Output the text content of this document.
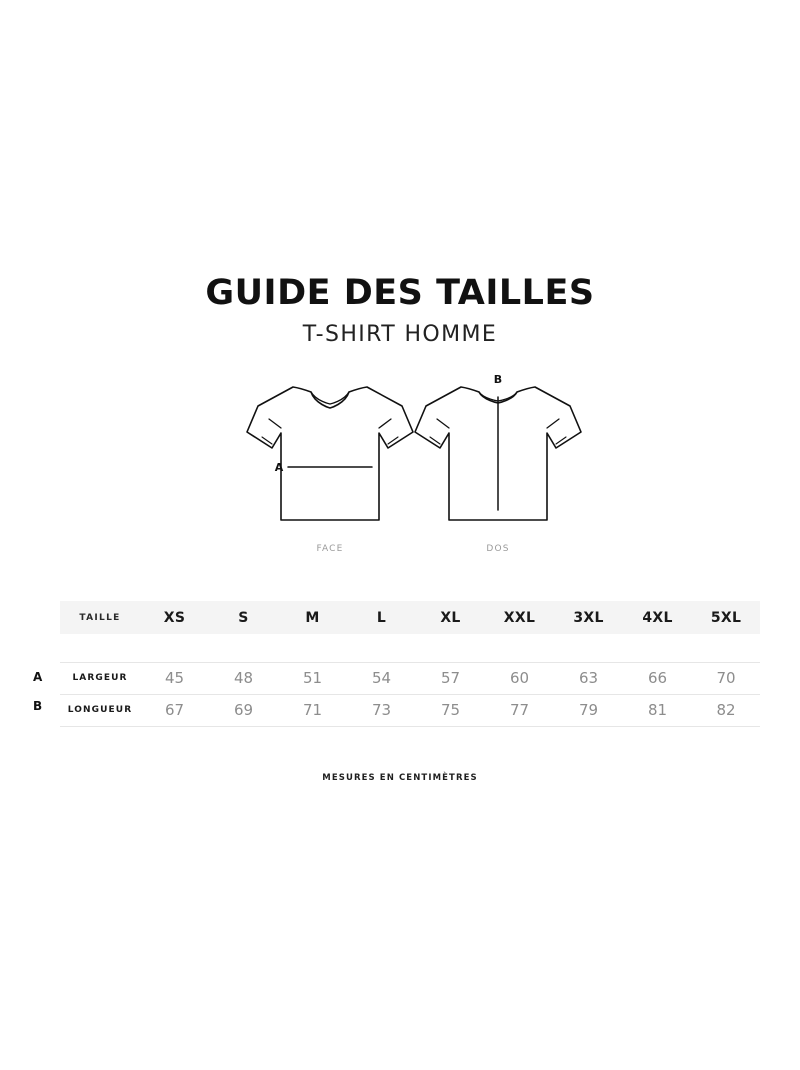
GUIDE DES TAILLES
T-SHIRT HOMME
A
B
FACE	DOS
A
B
TAILLE	XS	S	M	L	XL	XXL	3XL	4XL	5XL

LARGEUR	45	48	51	54	57	60	63	66	70
LONGUEUR	67	69	71	73	75	77	79	81	82
MESURES EN CENTIMÈTRES
